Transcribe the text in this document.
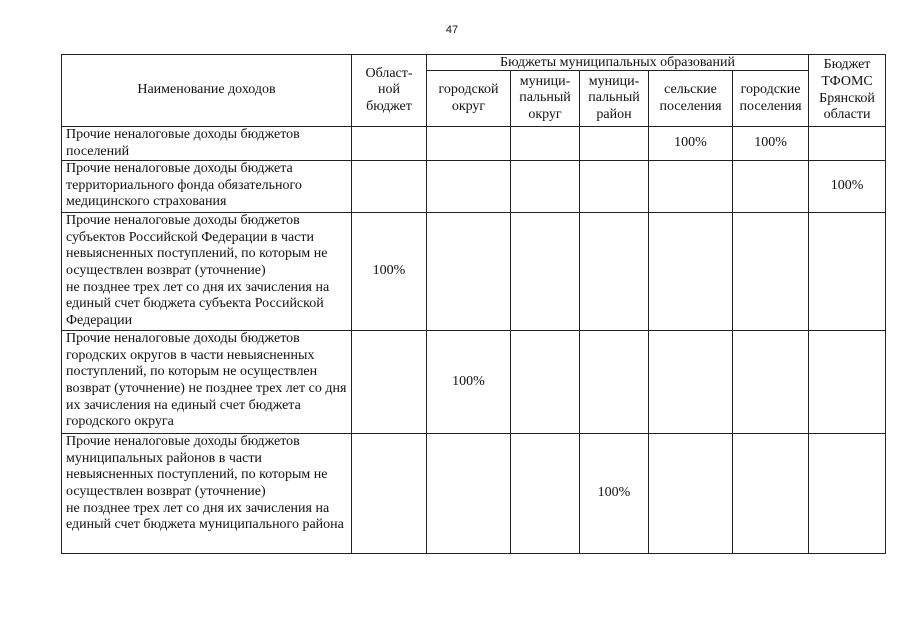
47
Наименование доходов	Област-
ной
бюджет	Бюджеты муниципальных образований					Бюджет
ТФОМС
Брянской
области
		городской
округ	муници-
пальный
округ	муници-
пальный
район	сельские
поселения	городские
поселения	
Прочие неналоговые доходы бюджетов поселений					100%	100%	
Прочие неналоговые доходы бюджета территориального фонда обязательного медицинского страхования							100%
Прочие неналоговые доходы бюджетов субъектов Российской Федерации в части невыясненных поступлений, по которым не осуществлен возврат (уточнение)
не позднее трех лет со дня их зачисления на единый счет бюджета субъекта Российской Федерации	100%						
Прочие неналоговые доходы бюджетов городских округов в части невыясненных поступлений, по которым не осуществлен возврат (уточнение) не позднее трех лет со дня их зачисления на единый счет бюджета городского округа		100%					
Прочие неналоговые доходы бюджетов муниципальных районов в части невыясненных поступлений, по которым не осуществлен возврат (уточнение)
не позднее трех лет со дня их зачисления на единый счет бюджета муниципального района				100%			
